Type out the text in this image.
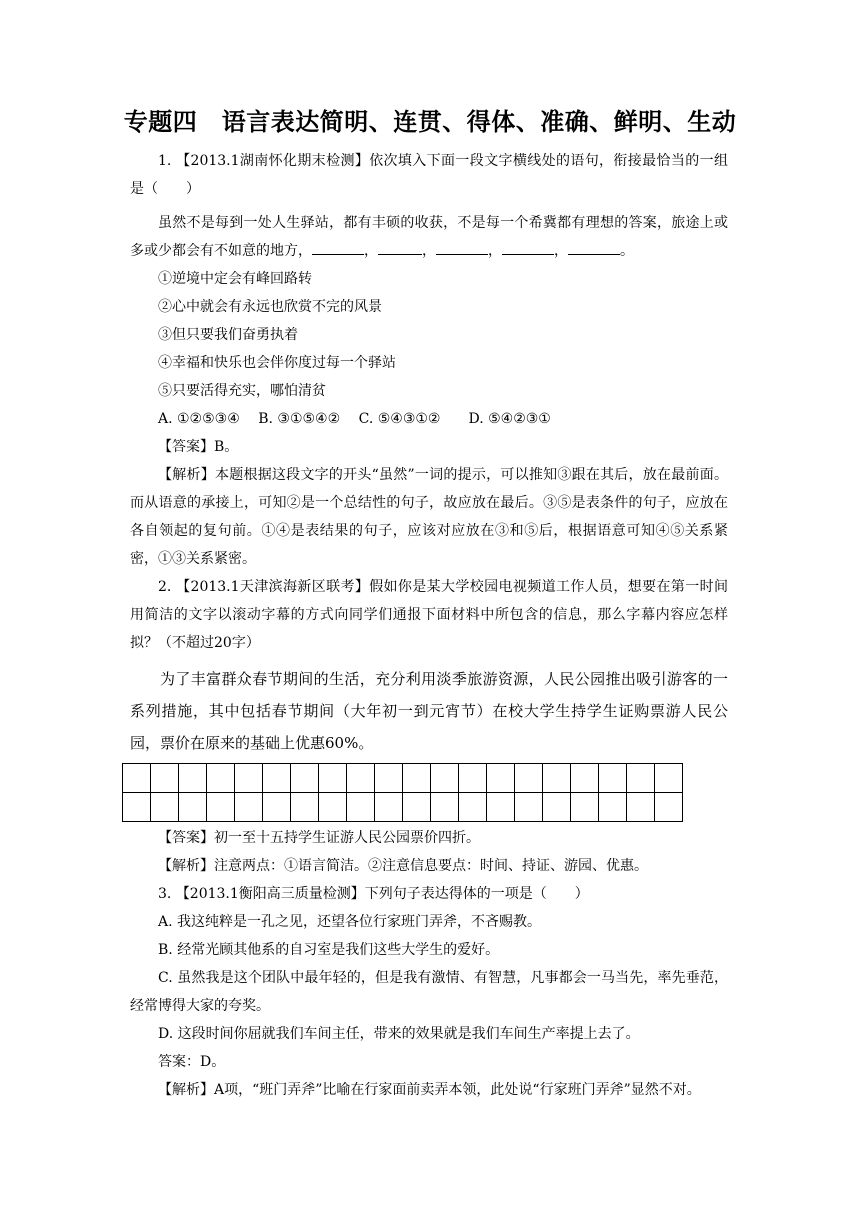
专题四　语言表达简明、连贯、得体、准确、鲜明、生动

1. 【2013.1湖南怀化期末检测】依次填入下面一段文字横线处的语句，衔接最恰当的一组是（　　）

虽然不是每到一处人生驿站，都有丰硕的收获，不是每一个希冀都有理想的答案，旅途上或多或少都会有不如意的地方，	，	，	，	，	。

①逆境中定会有峰回路转

②心中就会有永远也欣赏不完的风景

③但只要我们奋勇执着

④幸福和快乐也会伴你度过每一个驿站

⑤只要活得充实，哪怕清贫

A. ①②⑤③④　 B. ③①⑤④②　 C. ⑤④③①②　　D. ⑤④②③①

【答案】B。

【解析】本题根据这段文字的开头“虽然”一词的提示，可以推知③跟在其后，放在最前面。而从语意的承接上，可知②是一个总结性的句子，故应放在最后。③⑤是表条件的句子，应放在各自领起的复句前。①④是表结果的句子，应该对应放在③和⑤后，根据语意可知④⑤关系紧密，①③关系紧密。

2. 【2013.1天津滨海新区联考】假如你是某大学校园电视频道工作人员，想要在第一时间用简洁的文字以滚动字幕的方式向同学们通报下面材料中所包含的信息，那么字幕内容应怎样拟？（不超过20字）

为了丰富群众春节期间的生活，充分利用淡季旅游资源，人民公园推出吸引游客的一系列措施，其中包括春节期间（大年初一到元宵节）在校大学生持学生证购票游人民公园，票价在原来的基础上优惠60%。

【答案】初一至十五持学生证游人民公园票价四折。

【解析】注意两点：①语言简洁。②注意信息要点：时间、持证、游园、优惠。

3. 【2013.1衡阳高三质量检测】下列句子表达得体的一项是（　　）

A. 我这纯粹是一孔之见，还望各位行家班门弄斧，不吝赐教。

B. 经常光顾其他系的自习室是我们这些大学生的爱好。

C. 虽然我是这个团队中最年轻的，但是我有激情、有智慧，凡事都会一马当先，率先垂范，经常博得大家的夸奖。

D. 这段时间你屈就我们车间主任，带来的效果就是我们车间生产率提上去了。

答案：D。

【解析】A项，“班门弄斧”比喻在行家面前卖弄本领，此处说“行家班门弄斧”显然不对。
